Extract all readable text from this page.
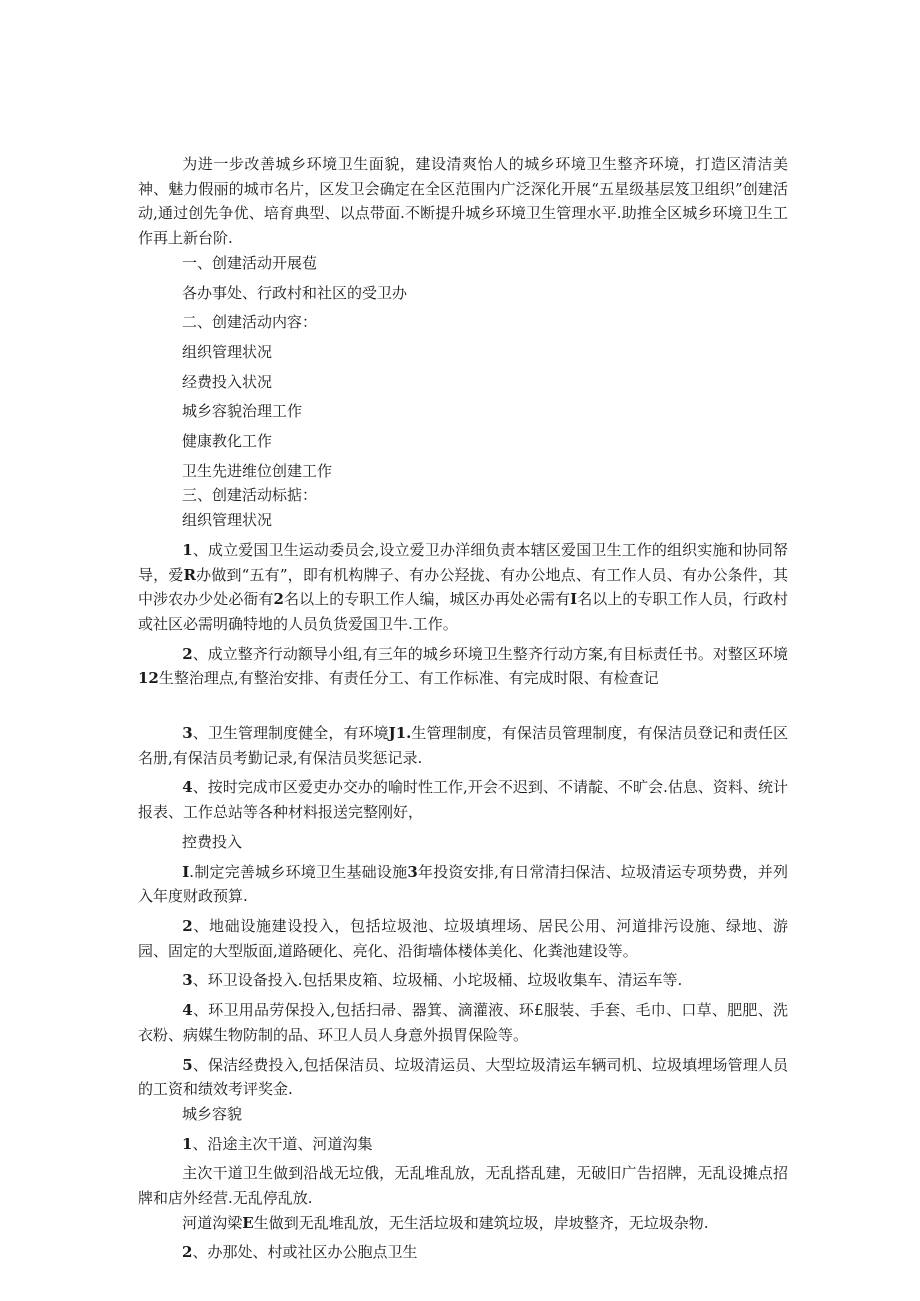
为进一步改善城乡环境卫生面貌，建设清爽怡人的城乡环境卫生整齐环境，打造区清洁美神、魅力假丽的城市名片，区发卫会确定在全区范围内广泛深化开展“五星级基层笈卫组织”创建活动,通过创先争优、培育典型、以点带面.不断提升城乡环境卫生管理水平.助推全区城乡环境卫生工作再上新台阶.

一、创建活动开展苞

各办事处、行政村和社区的受卫办

二、创建活动内容：

组织管理状况

经费投入状况

城乡容貌治理工作

健康教化工作

卫生先进维位创建工作

三、创建活动标掂：

组织管理状况

1、成立爱国卫生运动委员会,设立爱卫办洋细负责本辖区爱国卫生工作的组织实施和协同帑导，爱R办做到“五有”，即有机构牌子、有办公羟拢、有办公地点、有工作人员、有办公条件，其中涉农办少处必衙有2名以上的专职工作人编，城区办再处必需有I名以上的专职工作人员，行政村或社区必需明确特地的人员负货爱国卫牛.工作。

2、成立整齐行动额导小组,有三年的城乡环境卫生整齐行动方案,有目标责任书。对整区环境12生整治理点,有整治安排、有责任分工、有工作标准、有完成时限、有检查记

3、卫生管理制度健全，有环境J1.生管理制度，有保洁员管理制度，有保洁员登记和责任区名册,有保洁员考勤记录,有保洁员奖惩记录.

4、按时完成市区爱吏办交办的喻时性工作,开会不迟到、不请靛、不旷会.估息、资料、统计报表、工作总站等各种材料报送完整刚好，

控费投入

I.制定完善城乡环境卫生基础设施3年投资安排,有日常清扫保洁、垃圾清运专项势费，并列入年度财政预算.

2、地础设施建设投入，包括垃圾池、垃圾填埋场、居民公用、河道排污设施、绿地、游园、固定的大型版面,道路硬化、亮化、沿街墙体楼体美化、化粪池建设等。

3、环卫设备投入.包括果皮箱、垃圾桶、小坨圾桶、垃圾收集车、清运车等.

4、环卫用品劳保投入,包括扫帚、器箕、滴灌液、环£服装、手套、毛巾、口草、肥肥、洗衣粉、病媒生物防制的品、环卫人员人身意外损胃保险等。

5、保洁经费投入,包括保洁员、垃圾清运员、大型垃圾清运车辆司机、垃圾填埋场管理人员的工资和绩效考评奖金.

城乡容貌

1、沿途主次干道、河道沟集

主次干道卫生做到沿战无垃俄，无乱堆乱放，无乱搭乱建，无破旧广告招牌，无乱设摊点招牌和店外经营.无乱停乱放.

河道沟梁E生做到无乱堆乱放，无生活垃圾和建筑垃圾，岸坡整齐，无垃圾杂物.

2、办那处、村或社区办公胞点卫生
